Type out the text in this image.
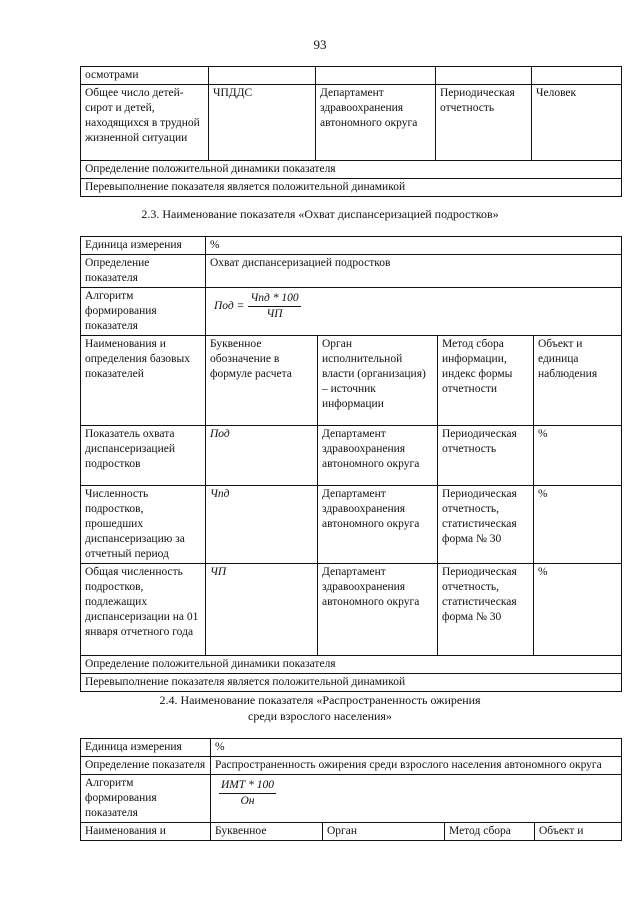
93
осмотрами				
Общее число детей-сирот и детей, находящихся в трудной жизненной ситуации	ЧПДДС	Департамент здравоохранения автономного округа	Периодическая отчетность	Человек
Определение положительной динамики показателя				
Перевыполнение показателя является положительной динамикой				
2.3. Наименование показателя «Охват диспансеризацией подростков»
Единица измерения	%			
Определение показателя	Охват диспансеризацией подростков			
Алгоритм формирования показателя	Под = $\frac{\text{Чпд * 100}}{ЧП}$

Наименования и определения базовых показателей	Буквенное обозначение в формуле расчета	Орган исполнительной власти (организация) – источник информации	Метод сбора информации, индекс формы отчетности	Объект и единица наблюдения
Показатель охвата диспансеризацией подростков	Под	Департамент здравоохранения автономного округа	Периодическая отчетность	%
Численность подростков, прошедших диспансеризацию за отчетный период	Чпд	Департамент здравоохранения автономного округа	Периодическая отчетность, статистическая форма № 30	%
Общая численность подростков, подлежащих диспансеризации на 01 января отчетного года	ЧП	Департамент здравоохранения автономного округа	Периодическая отчетность, статистическая форма № 30	%
Определение положительной динамики показателя				
Перевыполнение показателя является положительной динамикой				
2.4. Наименование показателя «Распространенность ожирения
среди взрослого населения»
Единица измерения	%			
Определение показателя	Распространенность ожирения среди взрослого населения автономного округа			
Алгоритм формирования показателя	$\frac{\text{ИМТ * 100}}{Он}$

Наименования и	Буквенное	Орган	Метод сбора	Объект и
